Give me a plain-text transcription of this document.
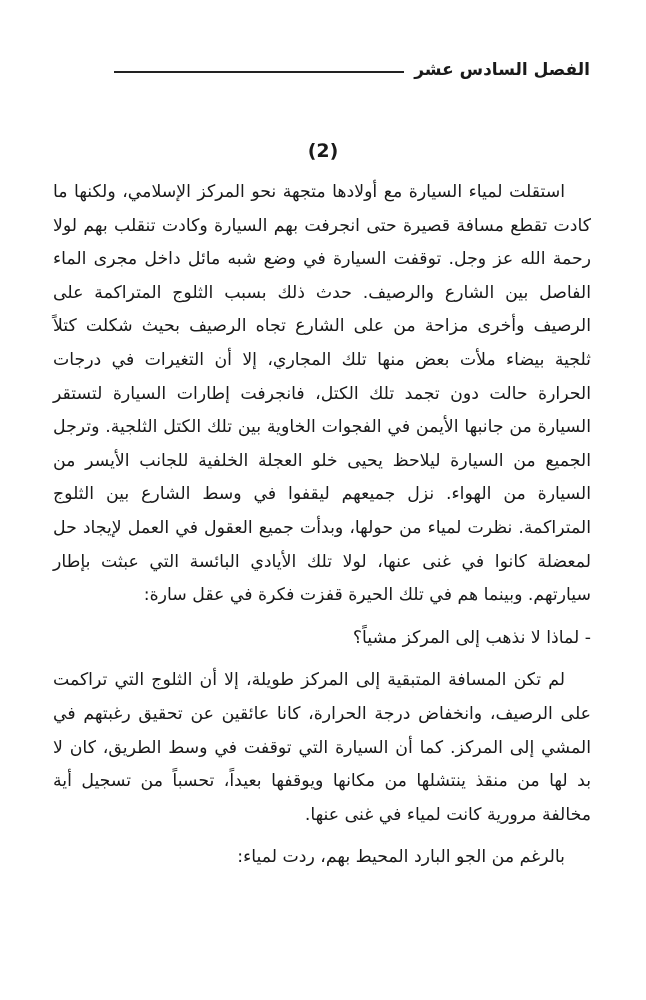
الفصل السادس عشر
(2)

استقلت لمياء السيارة مع أولادها متجهة نحو المركز الإسلامي، ولكنها ما كادت تقطع مسافة قصيرة حتى انجرفت بهم السيارة وكادت تنقلب بهم لولا رحمة الله عز وجل. توقفت السيارة في وضع شبه مائل داخل مجرى الماء الفاصل بين الشارع والرصيف. حدث ذلك بسبب الثلوج المتراكمة على الرصيف وأخرى مزاحة من على الشارع تجاه الرصيف بحيث شكلت كتلاً ثلجية بيضاء ملأت بعض منها تلك المجاري، إلا أن التغيرات في درجات الحرارة حالت دون تجمد تلك الكتل، فانجرفت إطارات السيارة لتستقر السيارة من جانبها الأيمن في الفجوات الخاوية بين تلك الكتل الثلجية. وترجل الجميع من السيارة ليلاحظ يحيى خلو العجلة الخلفية للجانب الأيسر من السيارة من الهواء. نزل جميعهم ليقفوا في وسط الشارع بين الثلوج المتراكمة. نظرت لمياء من حولها، وبدأت جميع العقول في العمل لإيجاد حل لمعضلة كانوا في غنى عنها، لولا تلك الأيادي البائسة التي عبثت بإطار سيارتهم. وبينما هم في تلك الحيرة قفزت فكرة في عقل سارة:

- لماذا لا نذهب إلى المركز مشياً؟

لم تكن المسافة المتبقية إلى المركز طويلة، إلا أن الثلوج التي تراكمت على الرصيف، وانخفاض درجة الحرارة، كانا عائقين عن تحقيق رغبتهم في المشي إلى المركز. كما أن السيارة التي توقفت في وسط الطريق، كان لا بد لها من منقذ ينتشلها من مكانها ويوقفها بعيداً، تحسباً من تسجيل أية مخالفة مرورية كانت لمياء في غنى عنها.

بالرغم من الجو البارد المحيط بهم، ردت لمياء:
